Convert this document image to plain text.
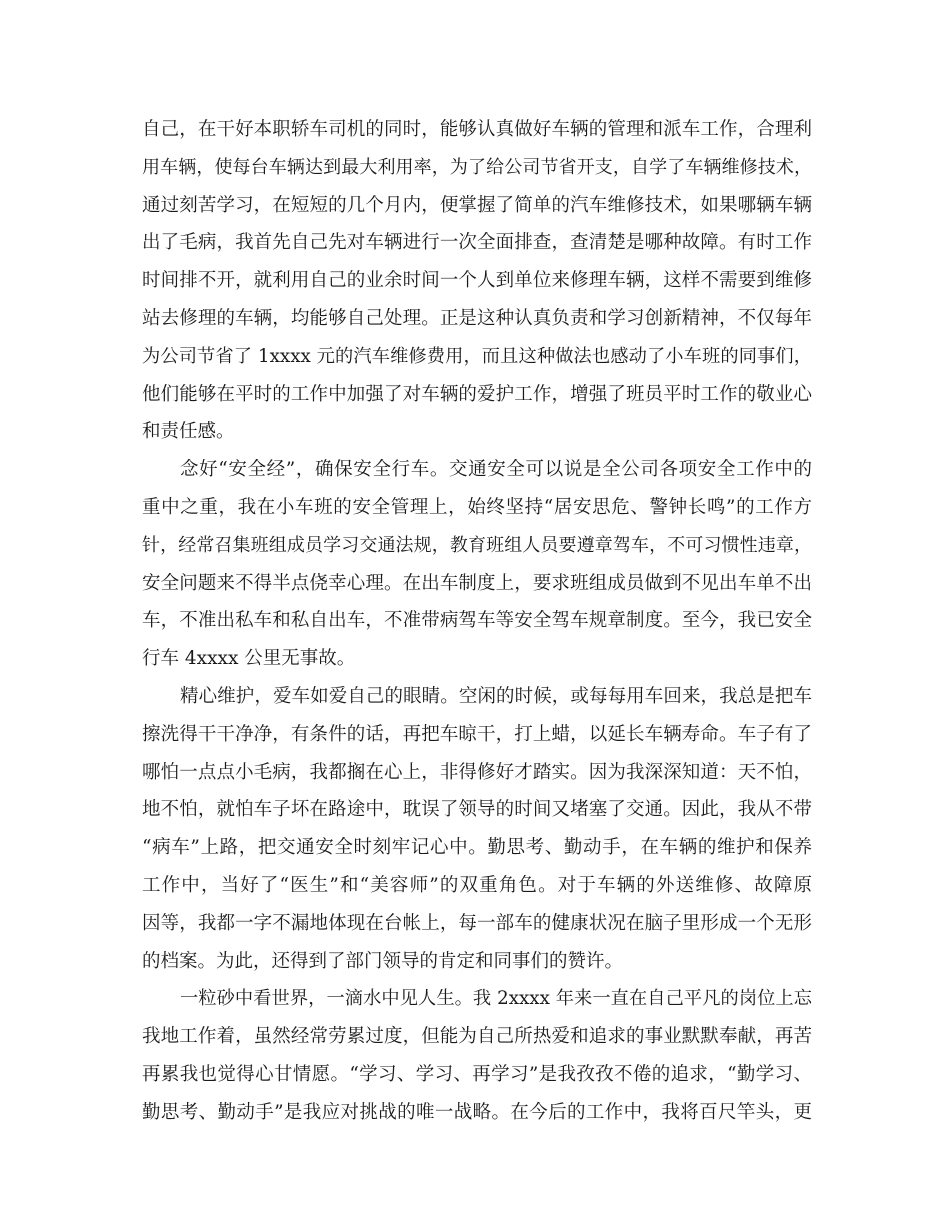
自己，在干好本职轿车司机的同时，能够认真做好车辆的管理和派车工作，合理利
用车辆，使每台车辆达到最大利用率，为了给公司节省开支，自学了车辆维修技术，
通过刻苦学习，在短短的几个月内，便掌握了简单的汽车维修技术，如果哪辆车辆
出了毛病，我首先自己先对车辆进行一次全面排查，查清楚是哪种故障。有时工作
时间排不开，就利用自己的业余时间一个人到单位来修理车辆，这样不需要到维修
站去修理的车辆，均能够自己处理。正是这种认真负责和学习创新精神，不仅每年
为公司节省了 1xxxx 元的汽车维修费用，而且这种做法也感动了小车班的同事们，
他们能够在平时的工作中加强了对车辆的爱护工作，增强了班员平时工作的敬业心
和责任感。
念好“安全经”，确保安全行车。交通安全可以说是全公司各项安全工作中的
重中之重，我在小车班的安全管理上，始终坚持“居安思危、警钟长鸣”的工作方
针，经常召集班组成员学习交通法规，教育班组人员要遵章驾车，不可习惯性违章，
安全问题来不得半点侥幸心理。在出车制度上，要求班组成员做到不见出车单不出
车，不准出私车和私自出车，不准带病驾车等安全驾车规章制度。至今，我已安全
行车 4xxxx 公里无事故。
精心维护，爱车如爱自己的眼睛。空闲的时候，或每每用车回来，我总是把车
擦洗得干干净净，有条件的话，再把车晾干，打上蜡，以延长车辆寿命。车子有了
哪怕一点点小毛病，我都搁在心上，非得修好才踏实。因为我深深知道：天不怕，
地不怕，就怕车子坏在路途中，耽误了领导的时间又堵塞了交通。因此，我从不带
“病车”上路，把交通安全时刻牢记心中。勤思考、勤动手，在车辆的维护和保养
工作中，当好了“医生”和“美容师”的双重角色。对于车辆的外送维修、故障原
因等，我都一字不漏地体现在台帐上，每一部车的健康状况在脑子里形成一个无形
的档案。为此，还得到了部门领导的肯定和同事们的赞许。
一粒砂中看世界，一滴水中见人生。我 2xxxx 年来一直在自己平凡的岗位上忘
我地工作着，虽然经常劳累过度，但能为自己所热爱和追求的事业默默奉献，再苦
再累我也觉得心甘情愿。“学习、学习、再学习”是我孜孜不倦的追求，“勤学习、
勤思考、勤动手”是我应对挑战的唯一战略。在今后的工作中，我将百尺竿头，更
